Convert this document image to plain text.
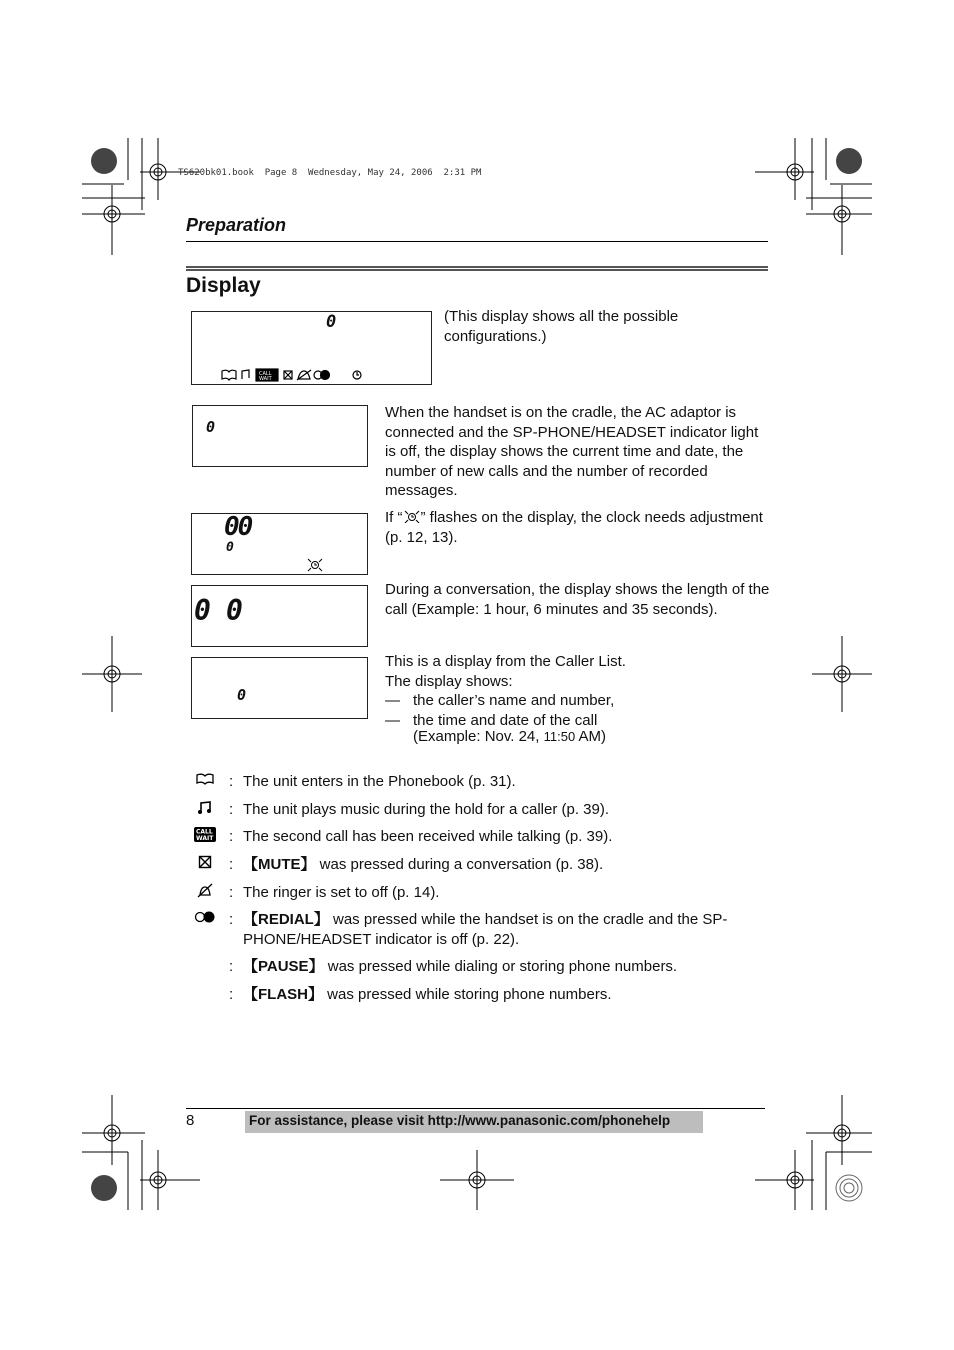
TS620bk01.book  Page 8  Wednesday, May 24, 2006  2:31 PM
Preparation
Display
0
CALL
WAIT
(This display shows all the possible configurations.)
0
When the handset is on the cradle, the AC adaptor is connected and the SP-PHONE/HEADSET indicator light is off, the display shows the current time and date, the number of new calls and the number of recorded messages.
00
0
If “ ” flashes on the display, the clock needs adjustment (p. 12, 13).
0 0
During a conversation, the display shows the length of the call (Example: 1 hour, 6 minutes and 35 seconds).
0
This is a display from the Caller List.
The display shows:
— the caller’s name and number,
— the time and date of the call
(Example: Nov. 24, 11:50 AM)
: The unit enters in the Phonebook (p. 31).
: The unit plays music during the hold for a caller (p. 39).
CALL
WAIT : The second call has been received while talking (p. 39).
: 【MUTE】 was pressed during a conversation (p. 38).
: The ringer is set to off (p. 14).
: 【REDIAL】 was pressed while the handset is on the cradle and the SP-PHONE/HEADSET indicator is off (p. 22).
: 【PAUSE】 was pressed while dialing or storing phone numbers.
: 【FLASH】 was pressed while storing phone numbers.
8	For assistance, please visit http://www.panasonic.com/phonehelp
